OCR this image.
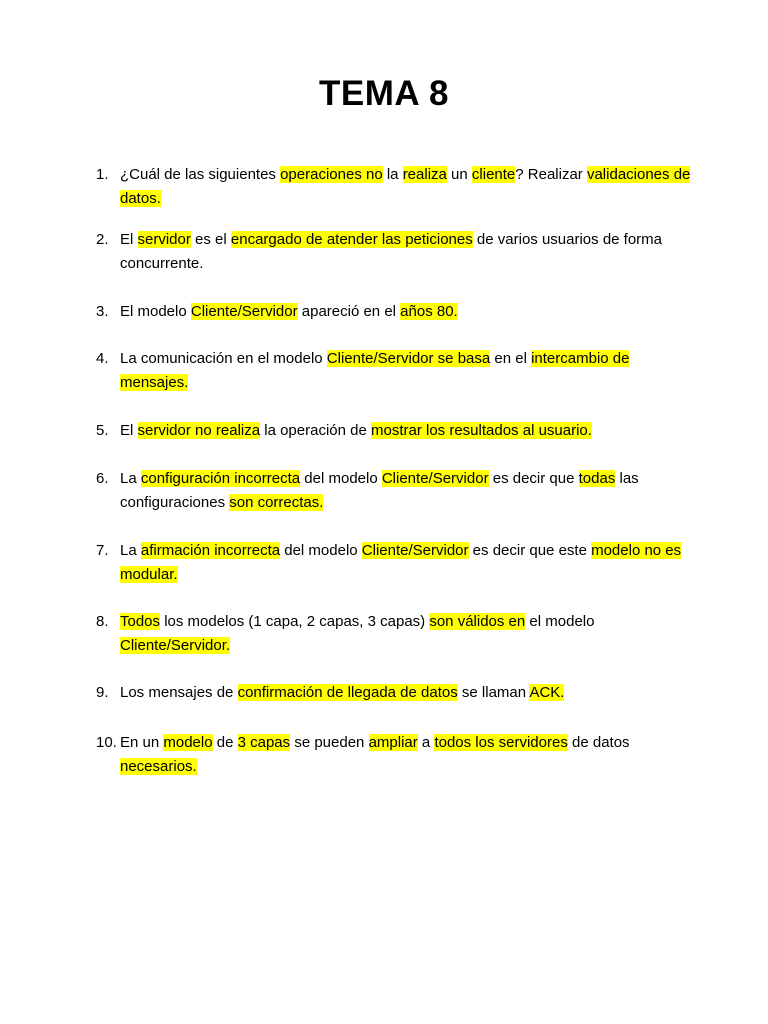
TEMA 8
1. ¿Cuál de las siguientes operaciones no la realiza un cliente? Realizar validaciones de datos.
2. El servidor es el encargado de atender las peticiones de varios usuarios de forma concurrente.
3. El modelo Cliente/Servidor apareció en el años 80.
4. La comunicación en el modelo Cliente/Servidor se basa en el intercambio de mensajes.
5. El servidor no realiza la operación de mostrar los resultados al usuario.
6. La configuración incorrecta del modelo Cliente/Servidor es decir que todas las configuraciones son correctas.
7. La afirmación incorrecta del modelo Cliente/Servidor es decir que este modelo no es modular.
8. Todos los modelos (1 capa, 2 capas, 3 capas) son válidos en el modelo Cliente/Servidor.
9. Los mensajes de confirmación de llegada de datos se llaman ACK.
10. En un modelo de 3 capas se pueden ampliar a todos los servidores de datos necesarios.
